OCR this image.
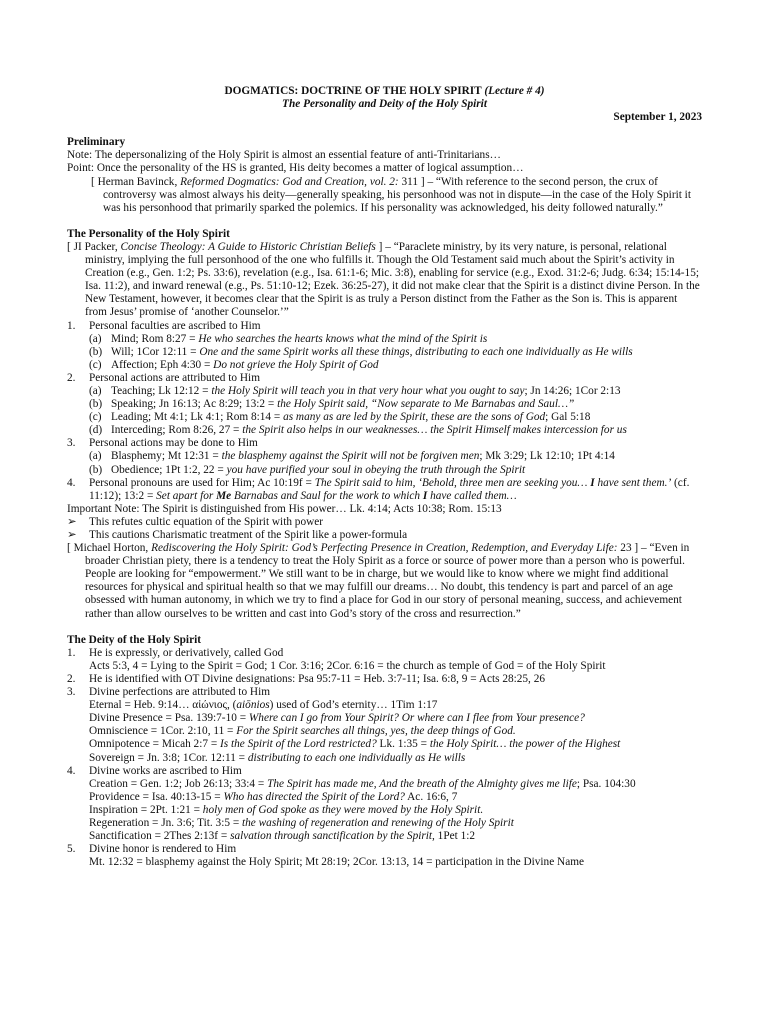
DOGMATICS: DOCTRINE OF THE HOLY SPIRIT (Lecture # 4)
The Personality and Deity of the Holy Spirit
September 1, 2023
Preliminary
Note: The depersonalizing of the Holy Spirit is almost an essential feature of anti-Trinitarians…
Point: Once the personality of the HS is granted, His deity becomes a matter of logical assumption…
[ Herman Bavinck, Reformed Dogmatics: God and Creation, vol. 2: 311 ] – “With reference to the second person, the crux of controversy was almost always his deity—generally speaking, his personhood was not in dispute—in the case of the Holy Spirit it was his personhood that primarily sparked the polemics. If his personality was acknowledged, his deity followed naturally.”
The Personality of the Holy Spirit
[ JI Packer, Concise Theology: A Guide to Historic Christian Beliefs ] – “Paraclete ministry, by its very nature, is personal, relational ministry, implying the full personhood of the one who fulfills it. Though the Old Testament said much about the Spirit’s activity in Creation (e.g., Gen. 1:2; Ps. 33:6), revelation (e.g., Isa. 61:1-6; Mic. 3:8), enabling for service (e.g., Exod. 31:2-6; Judg. 6:34; 15:14-15; Isa. 11:2), and inward renewal (e.g., Ps. 51:10-12; Ezek. 36:25-27), it did not make clear that the Spirit is a distinct divine Person. In the New Testament, however, it becomes clear that the Spirit is as truly a Person distinct from the Father as the Son is. This is apparent from Jesus’ promise of ‘another Counselor.’”
1.	Personal faculties are ascribed to Him
(a) Mind; Rom 8:27 = He who searches the hearts knows what the mind of the Spirit is
(b) Will; 1Cor 12:11 = One and the same Spirit works all these things, distributing to each one individually as He wills
(c) Affection; Eph 4:30 = Do not grieve the Holy Spirit of God
2.	Personal actions are attributed to Him
(a) Teaching; Lk 12:12 = the Holy Spirit will teach you in that very hour what you ought to say; Jn 14:26; 1Cor 2:13
(b) Speaking; Jn 16:13; Ac 8:29; 13:2 = the Holy Spirit said, “Now separate to Me Barnabas and Saul…”
(c) Leading; Mt 4:1; Lk 4:1; Rom 8:14 = as many as are led by the Spirit, these are the sons of God; Gal 5:18
(d) Interceding; Rom 8:26, 27 = the Spirit also helps in our weaknesses… the Spirit Himself makes intercession for us
3.	Personal actions may be done to Him
(a) Blasphemy; Mt 12:31 = the blasphemy against the Spirit will not be forgiven men; Mk 3:29; Lk 12:10; 1Pt 4:14
(b) Obedience; 1Pt 1:2, 22 = you have purified your soul in obeying the truth through the Spirit
4.	Personal pronouns are used for Him; Ac 10:19f = The Spirit said to him, ‘Behold, three men are seeking you… I have sent them.’ (cf. 11:12); 13:2 = Set apart for Me Barnabas and Saul for the work to which I have called them…
Important Note: The Spirit is distinguished from His power… Lk. 4:14; Acts 10:38; Rom. 15:13
➢	This refutes cultic equation of the Spirit with power
➢	This cautions Charismatic treatment of the Spirit like a power-formula
[ Michael Horton, Rediscovering the Holy Spirit: God’s Perfecting Presence in Creation, Redemption, and Everyday Life: 23 ] – “Even in broader Christian piety, there is a tendency to treat the Holy Spirit as a force or source of power more than a person who is powerful. People are looking for “empowerment.” We still want to be in charge, but we would like to know where we might find additional resources for physical and spiritual health so that we may fulfill our dreams… No doubt, this tendency is part and parcel of an age obsessed with human autonomy, in which we try to find a place for God in our story of personal meaning, success, and achievement rather than allow ourselves to be written and cast into God’s story of the cross and resurrection.”
The Deity of the Holy Spirit
1.	He is expressly, or derivatively, called God
Acts 5:3, 4 = Lying to the Spirit = God; 1 Cor. 3:16; 2Cor. 6:16 = the church as temple of God = of the Holy Spirit
2.	He is identified with OT Divine designations: Psa 95:7-11 = Heb. 3:7-11; Isa. 6:8, 9 = Acts 28:25, 26
3.	Divine perfections are attributed to Him
Eternal = Heb. 9:14… αἰώνιος, (aiōnios) used of God’s eternity… 1Tim 1:17
Divine Presence = Psa. 139:7-10 = Where can I go from Your Spirit? Or where can I flee from Your presence?
Omniscience = 1Cor. 2:10, 11 = For the Spirit searches all things, yes, the deep things of God.
Omnipotence = Micah 2:7 = Is the Spirit of the Lord restricted? Lk. 1:35 = the Holy Spirit… the power of the Highest
Sovereign = Jn. 3:8; 1Cor. 12:11 = distributing to each one individually as He wills
4.	Divine works are ascribed to Him
Creation = Gen. 1:2; Job 26:13; 33:4 = The Spirit has made me, And the breath of the Almighty gives me life; Psa. 104:30
Providence = Isa. 40:13-15 = Who has directed the Spirit of the Lord? Ac. 16:6, 7
Inspiration = 2Pt. 1:21 = holy men of God spoke as they were moved by the Holy Spirit.
Regeneration = Jn. 3:6; Tit. 3:5 = the washing of regeneration and renewing of the Holy Spirit
Sanctification = 2Thes 2:13f = salvation through sanctification by the Spirit, 1Pet 1:2
5.	Divine honor is rendered to Him
Mt. 12:32 = blasphemy against the Holy Spirit; Mt 28:19; 2Cor. 13:13, 14 = participation in the Divine Name
